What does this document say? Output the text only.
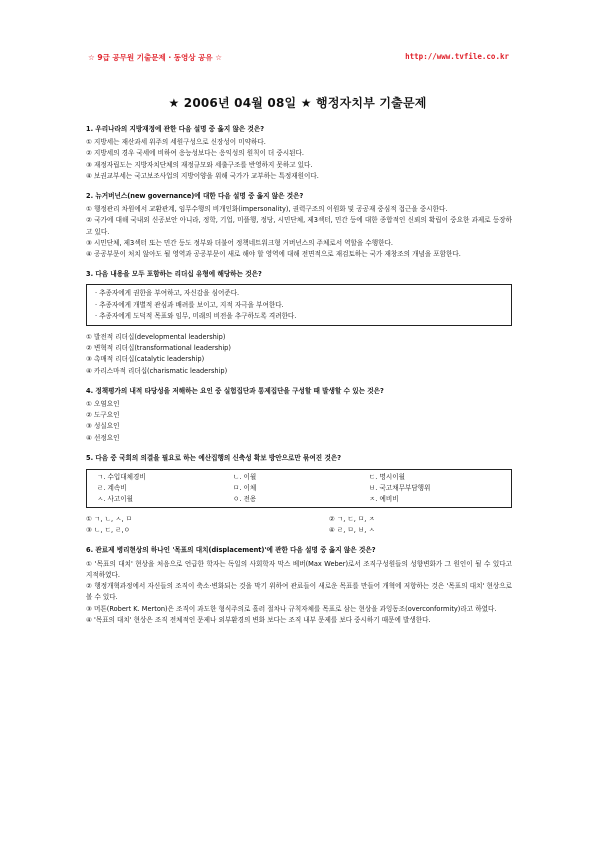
☆ 9급 공무원 기출문제 · 동영상 공유 ☆	http://www.tvfile.co.kr
★ 2006년 04월 08일 ★ 행정자치부 기출문제
1. 우리나라의 지방재정에 관한 다음 설명 중 옳지 않은 것은?
① 지방세는 재산과세 위주의 세원구성으로 신장성이 미약하다.
② 지방세의 경우 국세에 비하여 응능성보다는 응익성의 원칙이 더 중시된다.
③ 재정자립도는 지방자치단체의 재정규모와 세출구조를 반영하지 못하고 있다.
④ 보권교부세는 국고보조사업의 지방이양을 위해 국가가 교부하는 특정재원이다.
2. 뉴거버넌스(new governance)에 대한 다음 설명 중 옳지 않은 것은?
① 행정관리 차원에서 교환관계, 임무수행의 비개인화(impersonality), 권력구조의 이원화 및 공공재 중심적 접근을 중시한다.
② 국가에 대해 국내외 신공보안 아니라, 정학, 기업, 미플행, 정당, 시민단체, 제3섹터, 민간 등에 대한 종합적인 신뢰의 확립이 중요한 과제로 등장하고 있다.
③ 시민단체, 제3섹터 또는 민간 등도 정부와 더불어 정책네트워크형 거버넌스의 주체로서 역할을 수행한다.
④ 공공부문이 처치 않아도 될 영역과 공공부문이 새로 해야 할 영역에 대해 전면적으로 재검토하는 국가 재창조의 개념을 포함한다.
3. 다음 내용을 모두 포함하는 리더십 유형에 해당하는 것은?
· 추종자에게 권한을 부여하고, 자신감을 심어준다.
· 추종자에게 개별적 관심과 배려를 보이고, 지적 자극을 부여한다.
· 추종자에게 도덕적 목표와 임무, 미래의 비전을 추구하도록 격려한다.
① 발전적 리더십(developmental leadership)
② 변혁적 리더십(transformational leadership)
③ 촉매적 리더십(catalytic leadership)
④ 카리스마적 리더십(charismatic leadership)
4. 정책평가의 내적 타당성을 저해하는 요인 중 실험집단과 통제집단을 구성할 때 발생할 수 있는 것은?
① 오염요인
② 도구요인
③ 성실요인
④ 선정요인
5. 다음 중 국회의 의결을 필요로 하는 예산집행의 신축성 확보 방안으로만 묶여진 것은?
ㄱ. 수입대체경비	ㄴ. 이월	ㄷ. 명시이월
ㄹ. 계속비	ㅁ. 이체	ㅂ. 국고채무부담행위
ㅅ. 사고이월	ㅇ. 전용	ㅈ. 예비비
① ㄱ, ㄴ, ㅅ, ㅁ	② ㄱ, ㄷ, ㅁ, ㅈ
③ ㄴ, ㄷ, ㄹ,ㅇ	④ ㄹ, ㅁ, ㅂ, ㅅ
6. 관료제 병리현상의 하나인 '목표의 대치(displacement)'에 관한 다음 설명 중 옳지 않은 것은?
① '목표의 대치' 현상을 처음으로 언급한 학자는 독일의 사회학자 막스 베버(Max Weber)로서 조직구성원들의 성향변화가 그 원인이 될 수 있다고 지적하였다.
② 행정개혁과정에서 자신들의 조직이 축소·변화되는 것을 막기 위하여 관료들이 새로운 목표를 만들어 개혁에 저항하는 것은 '목표의 대치' 현상으로 볼 수 있다.
③ 머튼(Robert K. Merton)은 조직이 과도한 형식주의로 흘러 절차나 규칙자체를 목표로 삼는 현상을 과잉동조(overconformity)라고 하였다.
④ '목표의 대치' 현상은 조직 전체적인 문제나 외부환경의 변화 보다는 조직 내부 문제를 보다 중시하기 때문에 발생한다.
